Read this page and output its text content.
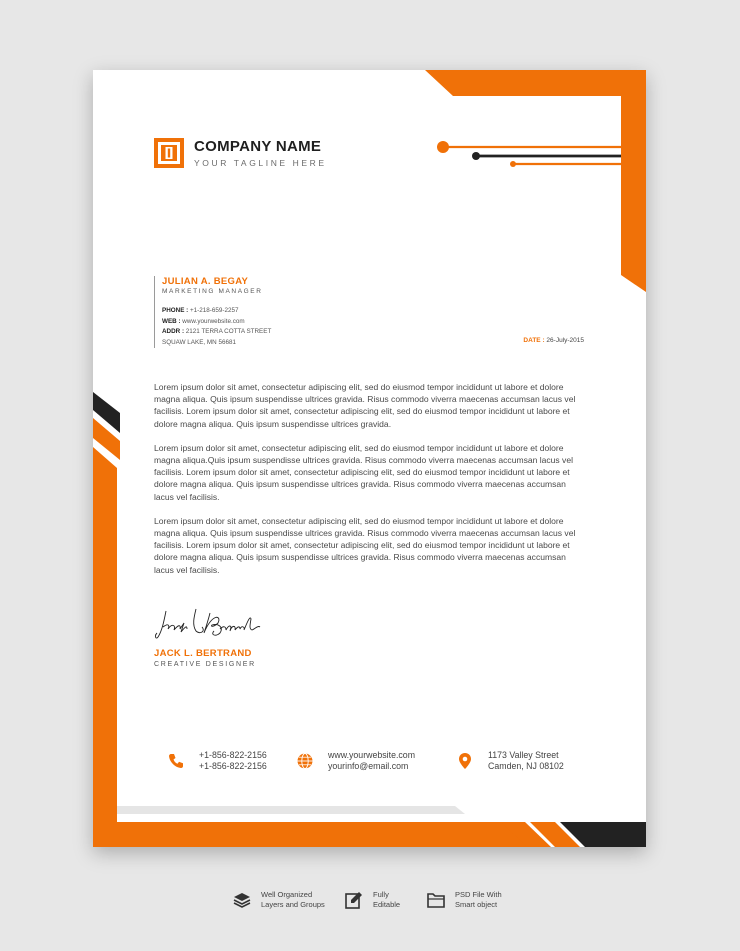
COMPANY NAME
YOUR TAGLINE HERE
JULIAN A. BEGAY
MARKETING MANAGER
PHONE : +1-218-659-2257
WEB : www.yourwebsite.com
ADDR : 2121 TERRA COTTA STREET
SQUAW LAKE, MN 56681	DATE : 26-July-2015

Lorem ipsum dolor sit amet, consectetur adipiscing elit, sed do eiusmod tempor incididunt ut labore et dolore magna aliqua. Quis ipsum suspendisse ultrices gravida. Risus commodo viverra maecenas accumsan lacus vel facilisis. Lorem ipsum dolor sit amet, consectetur adipiscing elit, sed do eiusmod tempor incididunt ut labore et dolore magna aliqua. Quis ipsum suspendisse ultrices gravida.

Lorem ipsum dolor sit amet, consectetur adipiscing elit, sed do eiusmod tempor incididunt ut labore et dolore magna aliqua.Quis ipsum suspendisse ultrices gravida. Risus commodo viverra maecenas accumsan lacus vel facilisis. Lorem ipsum dolor sit amet, consectetur adipiscing elit, sed do eiusmod tempor incididunt ut labore et dolore magna aliqua. Quis ipsum suspendisse ultrices gravida. Risus commodo viverra maecenas accumsan lacus vel facilisis.

Lorem ipsum dolor sit amet, consectetur adipiscing elit, sed do eiusmod tempor incididunt ut labore et dolore magna aliqua. Quis ipsum suspendisse ultrices gravida. Risus commodo viverra maecenas accumsan lacus vel facilisis. Lorem ipsum dolor sit amet, consectetur adipiscing elit, sed do eiusmod tempor incididunt ut labore et dolore magna aliqua. Quis ipsum suspendisse ultrices gravida. Risus commodo viverra maecenas accumsan lacus vel facilisis.

JACK L. BERTRAND
CREATIVE DESIGNER
+1-856-822-2156
+1-856-822-2156
www.yourwebsite.com
yourinfo@email.com
1173 Valley Street
Camden, NJ 08102
Well Organized
Layers and Groups
Fully
Editable
PSD File With
Smart object
